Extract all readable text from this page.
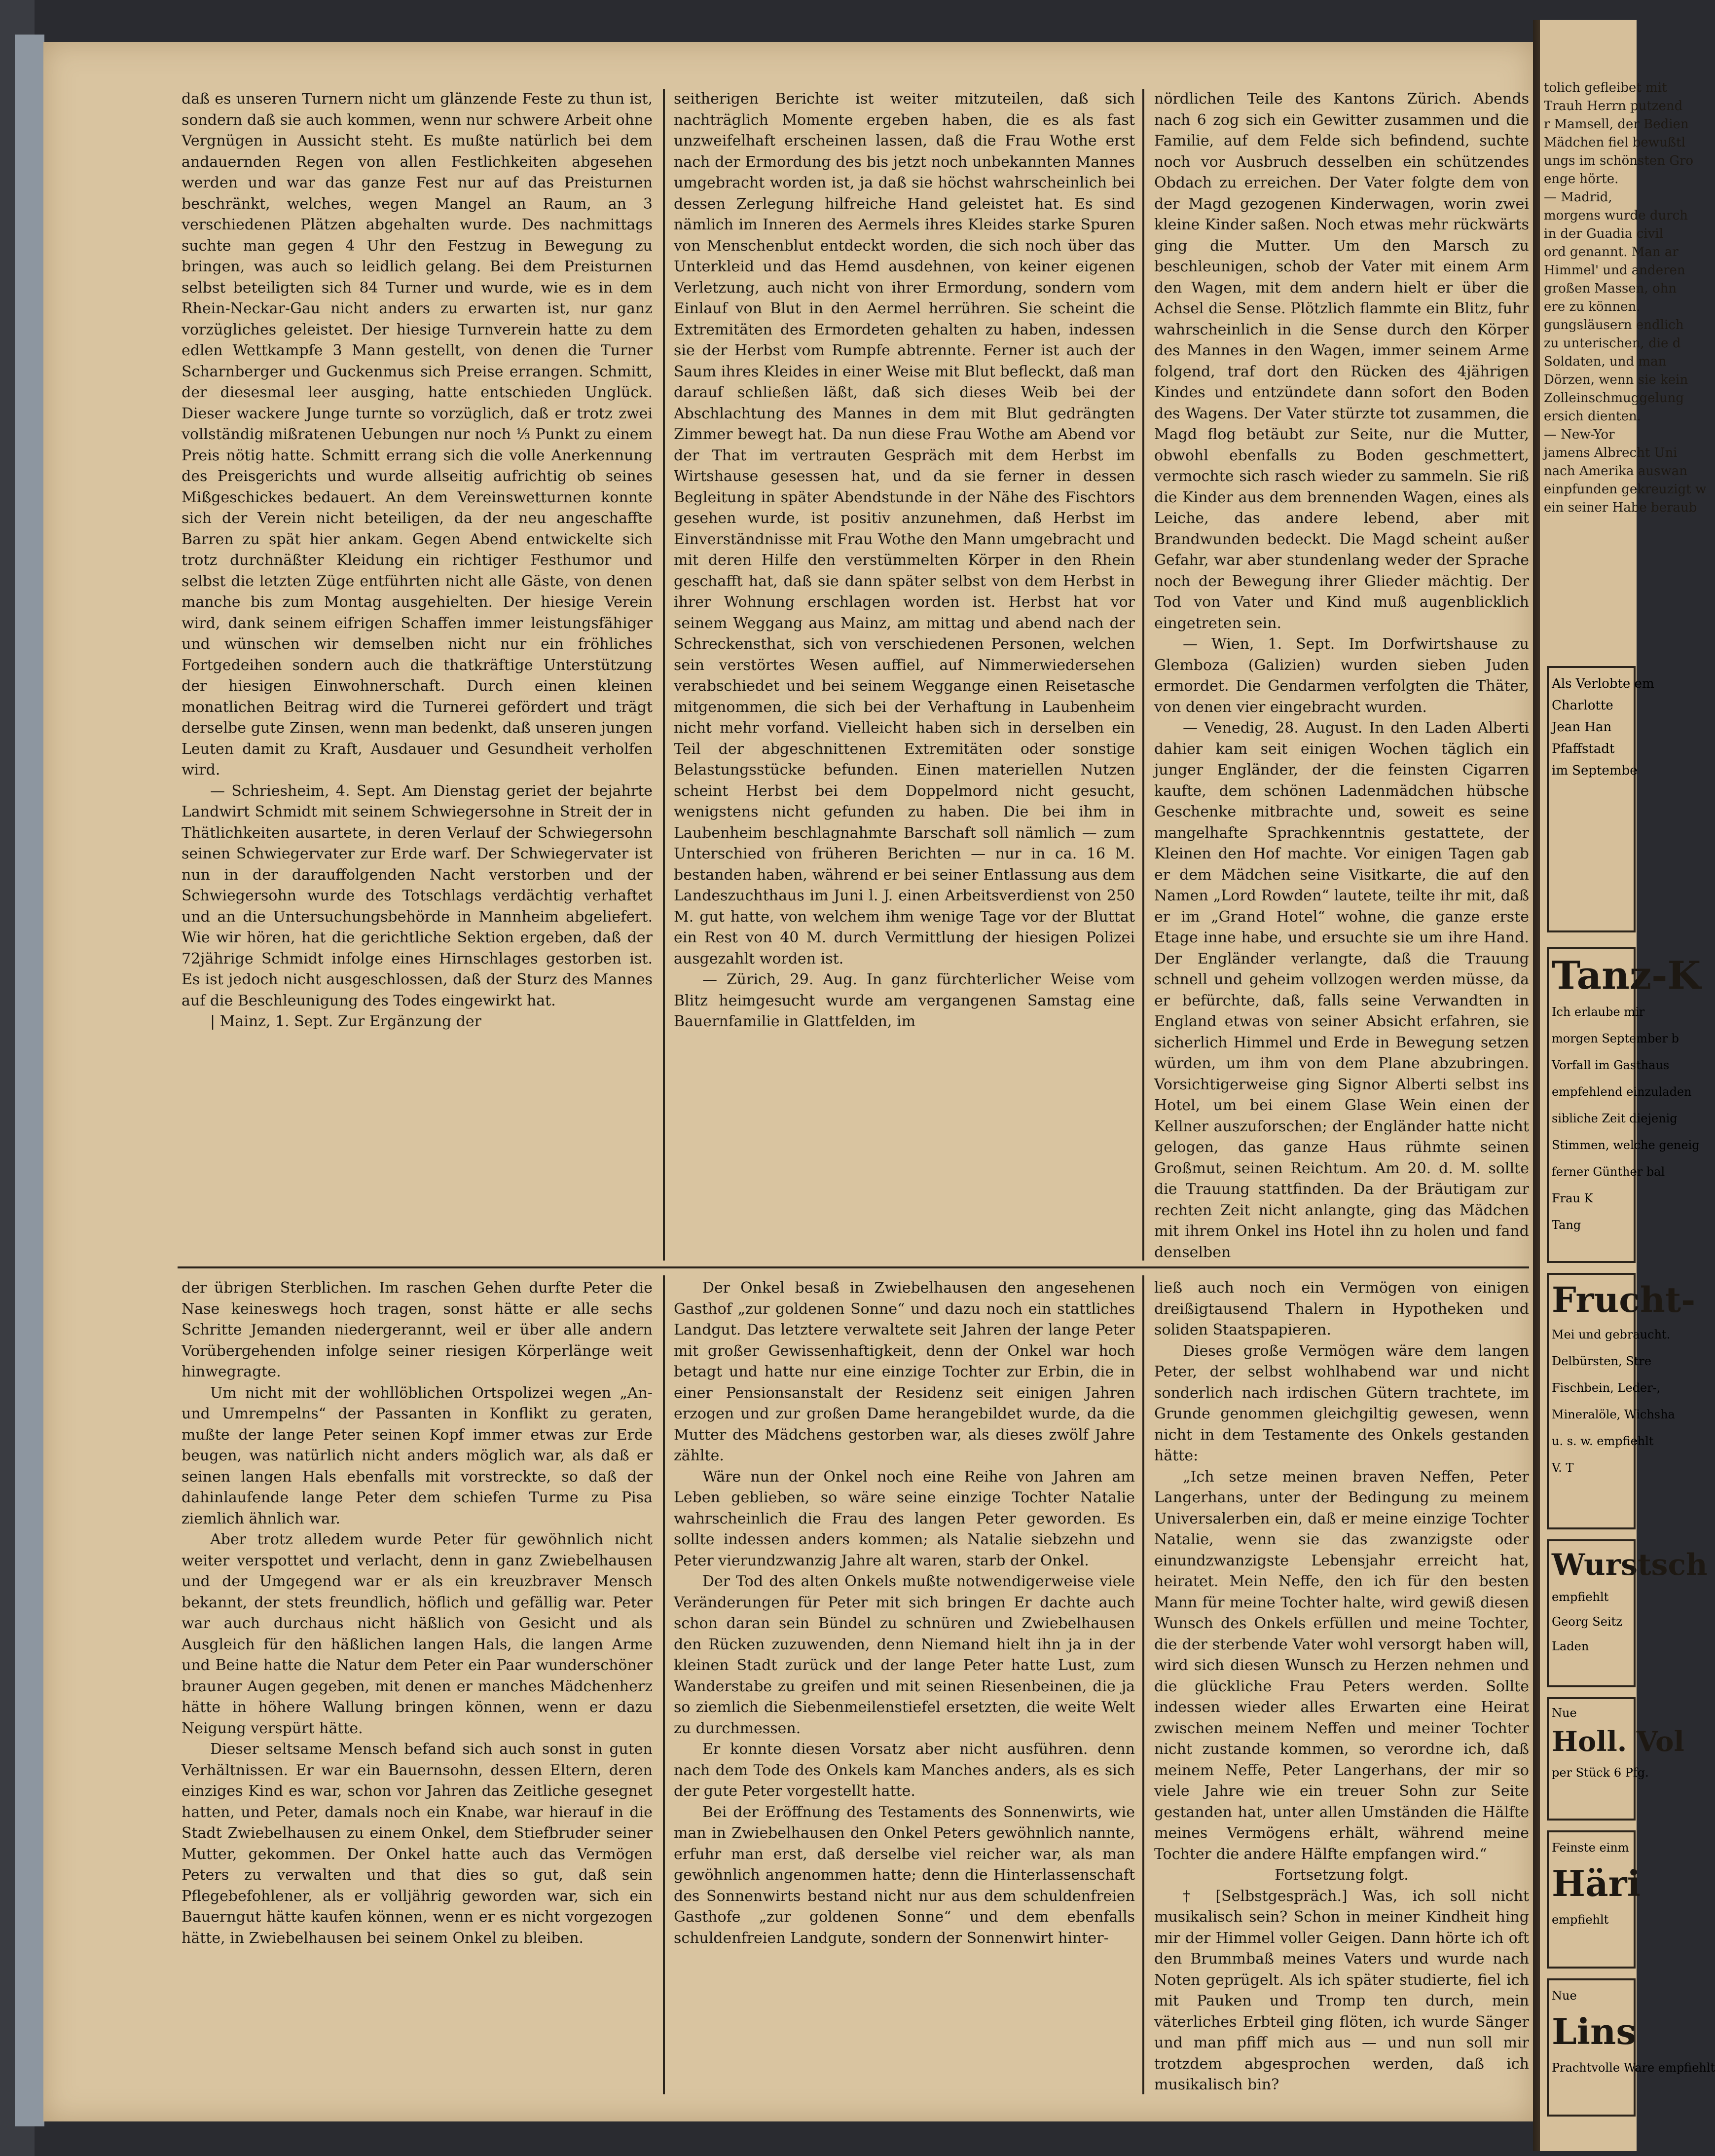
daß es unseren Turnern nicht um glänzende Feste zu thun ist, sondern daß sie auch kommen, wenn nur schwere Arbeit ohne Vergnügen in Aussicht steht. Es mußte natürlich bei dem andauernden Regen von allen Festlichkeiten abgesehen werden und war das ganze Fest nur auf das Preisturnen beschränkt, welches, wegen Mangel an Raum, an 3 verschiedenen Plätzen abgehalten wurde. Des nachmittags suchte man gegen 4 Uhr den Festzug in Bewegung zu bringen, was auch so leidlich gelang. Bei dem Preisturnen selbst beteiligten sich 84 Turner und wurde, wie es in dem Rhein-Neckar-Gau nicht anders zu erwarten ist, nur ganz vorzügliches geleistet. Der hiesige Turnverein hatte zu dem edlen Wettkampfe 3 Mann gestellt, von denen die Turner Scharnberger und Guckenmus sich Preise errangen. Schmitt, der diesesmal leer ausging, hatte entschieden Unglück. Dieser wackere Junge turnte so vorzüglich, daß er trotz zwei vollständig mißratenen Uebungen nur noch ⅓ Punkt zu einem Preis nötig hatte. Schmitt errang sich die volle Anerkennung des Preisgerichts und wurde allseitig aufrichtig ob seines Mißgeschickes bedauert. An dem Vereinswetturnen konnte sich der Verein nicht beteiligen, da der neu angeschaffte Barren zu spät hier ankam. Gegen Abend entwickelte sich trotz durchnäßter Kleidung ein richtiger Festhumor und selbst die letzten Züge entführten nicht alle Gäste, von denen manche bis zum Montag ausgehielten. Der hiesige Verein wird, dank seinem eifrigen Schaffen immer leistungsfähiger und wünschen wir demselben nicht nur ein fröhliches Fortgedeihen sondern auch die thatkräftige Unterstützung der hiesigen Einwohnerschaft. Durch einen kleinen monatlichen Beitrag wird die Turnerei gefördert und trägt derselbe gute Zinsen, wenn man bedenkt, daß unseren jungen Leuten damit zu Kraft, Ausdauer und Gesundheit verholfen wird.

— Schriesheim, 4. Sept. Am Dienstag geriet der bejahrte Landwirt Schmidt mit seinem Schwiegersohne in Streit der in Thätlichkeiten ausartete, in deren Verlauf der Schwiegersohn seinen Schwiegervater zur Erde warf. Der Schwiegervater ist nun in der darauffolgenden Nacht verstorben und der Schwiegersohn wurde des Totschlags verdächtig verhaftet und an die Untersuchungsbehörde in Mannheim abgeliefert. Wie wir hören, hat die gerichtliche Sektion ergeben, daß der 72jährige Schmidt infolge eines Hirnschlages gestorben ist. Es ist jedoch nicht ausgeschlossen, daß der Sturz des Mannes auf die Beschleunigung des Todes eingewirkt hat.

| Mainz, 1. Sept. Zur Ergänzung der

seitherigen Berichte ist weiter mitzuteilen, daß sich nachträglich Momente ergeben haben, die es als fast unzweifelhaft erscheinen lassen, daß die Frau Wothe erst nach der Ermordung des bis jetzt noch unbekannten Mannes umgebracht worden ist, ja daß sie höchst wahrscheinlich bei dessen Zerlegung hilfreiche Hand geleistet hat. Es sind nämlich im Inneren des Aermels ihres Kleides starke Spuren von Menschenblut entdeckt worden, die sich noch über das Unterkleid und das Hemd ausdehnen, von keiner eigenen Verletzung, auch nicht von ihrer Ermordung, sondern vom Einlauf von Blut in den Aermel herrühren. Sie scheint die Extremitäten des Ermordeten gehalten zu haben, indessen sie der Herbst vom Rumpfe abtrennte. Ferner ist auch der Saum ihres Kleides in einer Weise mit Blut befleckt, daß man darauf schließen läßt, daß sich dieses Weib bei der Abschlachtung des Mannes in dem mit Blut gedrängten Zimmer bewegt hat. Da nun diese Frau Wothe am Abend vor der That im vertrauten Gespräch mit dem Herbst im Wirtshause gesessen hat, und da sie ferner in dessen Begleitung in später Abendstunde in der Nähe des Fischtors gesehen wurde, ist positiv anzunehmen, daß Herbst im Einverständnisse mit Frau Wothe den Mann umgebracht und mit deren Hilfe den verstümmelten Körper in den Rhein geschafft hat, daß sie dann später selbst von dem Herbst in ihrer Wohnung erschlagen worden ist. Herbst hat vor seinem Weggang aus Mainz, am mittag und abend nach der Schreckensthat, sich von verschiedenen Personen, welchen sein verstörtes Wesen auffiel, auf Nimmerwiedersehen verabschiedet und bei seinem Weggange einen Reisetasche mitgenommen, die sich bei der Verhaftung in Laubenheim nicht mehr vorfand. Vielleicht haben sich in derselben ein Teil der abgeschnittenen Extremitäten oder sonstige Belastungsstücke befunden. Einen materiellen Nutzen scheint Herbst bei dem Doppelmord nicht gesucht, wenigstens nicht gefunden zu haben. Die bei ihm in Laubenheim beschlagnahmte Barschaft soll nämlich — zum Unterschied von früheren Berichten — nur in ca. 16 M. bestanden haben, während er bei seiner Entlassung aus dem Landeszuchthaus im Juni l. J. einen Arbeitsverdienst von 250 M. gut hatte, von welchem ihm wenige Tage vor der Bluttat ein Rest von 40 M. durch Vermittlung der hiesigen Polizei ausgezahlt worden ist.

— Zürich, 29. Aug. In ganz fürchterlicher Weise vom Blitz heimgesucht wurde am vergangenen Samstag eine Bauernfamilie in Glattfelden, im

nördlichen Teile des Kantons Zürich. Abends nach 6 zog sich ein Gewitter zusammen und die Familie, auf dem Felde sich befindend, suchte noch vor Ausbruch desselben ein schützendes Obdach zu erreichen. Der Vater folgte dem von der Magd gezogenen Kinderwagen, worin zwei kleine Kinder saßen. Noch etwas mehr rückwärts ging die Mutter. Um den Marsch zu beschleunigen, schob der Vater mit einem Arm den Wagen, mit dem andern hielt er über die Achsel die Sense. Plötzlich flammte ein Blitz, fuhr wahrscheinlich in die Sense durch den Körper des Mannes in den Wagen, immer seinem Arme folgend, traf dort den Rücken des 4jährigen Kindes und entzündete dann sofort den Boden des Wagens. Der Vater stürzte tot zusammen, die Magd flog betäubt zur Seite, nur die Mutter, obwohl ebenfalls zu Boden geschmettert, vermochte sich rasch wieder zu sammeln. Sie riß die Kinder aus dem brennenden Wagen, eines als Leiche, das andere lebend, aber mit Brandwunden bedeckt. Die Magd scheint außer Gefahr, war aber stundenlang weder der Sprache noch der Bewegung ihrer Glieder mächtig. Der Tod von Vater und Kind muß augenblicklich eingetreten sein.

— Wien, 1. Sept. Im Dorfwirtshause zu Glemboza (Galizien) wurden sieben Juden ermordet. Die Gendarmen verfolgten die Thäter, von denen vier eingebracht wurden.

— Venedig, 28. August. In den Laden Alberti dahier kam seit einigen Wochen täglich ein junger Engländer, der die feinsten Cigarren kaufte, dem schönen Ladenmädchen hübsche Geschenke mitbrachte und, soweit es seine mangelhafte Sprachkenntnis gestattete, der Kleinen den Hof machte. Vor einigen Tagen gab er dem Mädchen seine Visitkarte, die auf den Namen „Lord Rowden“ lautete, teilte ihr mit, daß er im „Grand Hotel“ wohne, die ganze erste Etage inne habe, und ersuchte sie um ihre Hand. Der Engländer verlangte, daß die Trauung schnell und geheim vollzogen werden müsse, da er befürchte, daß, falls seine Verwandten in England etwas von seiner Absicht erfahren, sie sicherlich Himmel und Erde in Bewegung setzen würden, um ihm von dem Plane abzubringen. Vorsichtigerweise ging Signor Alberti selbst ins Hotel, um bei einem Glase Wein einen der Kellner auszuforschen; der Engländer hatte nicht gelogen, das ganze Haus rühmte seinen Großmut, seinen Reichtum. Am 20. d. M. sollte die Trauung stattfinden. Da der Bräutigam zur rechten Zeit nicht anlangte, ging das Mädchen mit ihrem Onkel ins Hotel ihn zu holen und fand denselben

der übrigen Sterblichen. Im raschen Gehen durfte Peter die Nase keineswegs hoch tragen, sonst hätte er alle sechs Schritte Jemanden niedergerannt, weil er über alle andern Vorübergehenden infolge seiner riesigen Körperlänge weit hinwegragte.

Um nicht mit der wohllöblichen Ortspolizei wegen „An- und Umrempelns“ der Passanten in Konflikt zu geraten, mußte der lange Peter seinen Kopf immer etwas zur Erde beugen, was natürlich nicht anders möglich war, als daß er seinen langen Hals ebenfalls mit vorstreckte, so daß der dahinlaufende lange Peter dem schiefen Turme zu Pisa ziemlich ähnlich war.

Aber trotz alledem wurde Peter für gewöhnlich nicht weiter verspottet und verlacht, denn in ganz Zwiebelhausen und der Umgegend war er als ein kreuzbraver Mensch bekannt, der stets freundlich, höflich und gefällig war. Peter war auch durchaus nicht häßlich von Gesicht und als Ausgleich für den häßlichen langen Hals, die langen Arme und Beine hatte die Natur dem Peter ein Paar wunderschöner brauner Augen gegeben, mit denen er manches Mädchenherz hätte in höhere Wallung bringen können, wenn er dazu Neigung verspürt hätte.

Dieser seltsame Mensch befand sich auch sonst in guten Verhältnissen. Er war ein Bauernsohn, dessen Eltern, deren einziges Kind es war, schon vor Jahren das Zeitliche gesegnet hatten, und Peter, damals noch ein Knabe, war hierauf in die Stadt Zwiebelhausen zu einem Onkel, dem Stiefbruder seiner Mutter, gekommen. Der Onkel hatte auch das Vermögen Peters zu verwalten und that dies so gut, daß sein Pflegebefohlener, als er volljährig geworden war, sich ein Bauerngut hätte kaufen können, wenn er es nicht vorgezogen hätte, in Zwiebelhausen bei seinem Onkel zu bleiben.

Der Onkel besaß in Zwiebelhausen den angesehenen Gasthof „zur goldenen Sonne“ und dazu noch ein stattliches Landgut. Das letztere verwaltete seit Jahren der lange Peter mit großer Gewissenhaftigkeit, denn der Onkel war hoch betagt und hatte nur eine einzige Tochter zur Erbin, die in einer Pensionsanstalt der Residenz seit einigen Jahren erzogen und zur großen Dame herangebildet wurde, da die Mutter des Mädchens gestorben war, als dieses zwölf Jahre zählte.

Wäre nun der Onkel noch eine Reihe von Jahren am Leben geblieben, so wäre seine einzige Tochter Natalie wahrscheinlich die Frau des langen Peter geworden. Es sollte indessen anders kommen; als Natalie siebzehn und Peter vierundzwanzig Jahre alt waren, starb der Onkel.

Der Tod des alten Onkels mußte notwendigerweise viele Veränderungen für Peter mit sich bringen Er dachte auch schon daran sein Bündel zu schnüren und Zwiebelhausen den Rücken zuzuwenden, denn Niemand hielt ihn ja in der kleinen Stadt zurück und der lange Peter hatte Lust, zum Wanderstabe zu greifen und mit seinen Riesenbeinen, die ja so ziemlich die Siebenmeilenstiefel ersetzten, die weite Welt zu durchmessen.

Er konnte diesen Vorsatz aber nicht ausführen. denn nach dem Tode des Onkels kam Manches anders, als es sich der gute Peter vorgestellt hatte.

Bei der Eröffnung des Testaments des Sonnenwirts, wie man in Zwiebelhausen den Onkel Peters gewöhnlich nannte, erfuhr man erst, daß derselbe viel reicher war, als man gewöhnlich angenommen hatte; denn die Hinterlassenschaft des Sonnenwirts bestand nicht nur aus dem schuldenfreien Gasthofe „zur goldenen Sonne“ und dem ebenfalls schuldenfreien Landgute, sondern der Sonnenwirt hinter-

ließ auch noch ein Vermögen von einigen dreißigtausend Thalern in Hypotheken und soliden Staatspapieren.

Dieses große Vermögen wäre dem langen Peter, der selbst wohlhabend war und nicht sonderlich nach irdischen Gütern trachtete, im Grunde genommen gleichgiltig gewesen, wenn nicht in dem Testamente des Onkels gestanden hätte:

„Ich setze meinen braven Neffen, Peter Langerhans, unter der Bedingung zu meinem Universalerben ein, daß er meine einzige Tochter Natalie, wenn sie das zwanzigste oder einundzwanzigste Lebensjahr erreicht hat, heiratet. Mein Neffe, den ich für den besten Mann für meine Tochter halte, wird gewiß diesen Wunsch des Onkels erfüllen und meine Tochter, die der sterbende Vater wohl versorgt haben will, wird sich diesen Wunsch zu Herzen nehmen und die glückliche Frau Peters werden. Sollte indessen wieder alles Erwarten eine Heirat zwischen meinem Neffen und meiner Tochter nicht zustande kommen, so verordne ich, daß meinem Neffe, Peter Langerhans, der mir so viele Jahre wie ein treuer Sohn zur Seite gestanden hat, unter allen Umständen die Hälfte meines Vermögens erhält, während meine Tochter die andere Hälfte empfangen wird.“

Fortsetzung folgt.

† [Selbstgespräch.] Was, ich soll nicht musikalisch sein? Schon in meiner Kindheit hing mir der Himmel voller Geigen. Dann hörte ich oft den Brummbaß meines Vaters und wurde nach Noten geprügelt. Als ich später studierte, fiel ich mit Pauken und Tromp ten durch, mein väterliches Erbteil ging flöten, ich wurde Sänger und man pfiff mich aus — und nun soll mir trotzdem abgesprochen werden, daß ich musikalisch bin?

tolich gefleibet mit
Trauh Herrn putzend
r Mamsell, der Bedien
Mädchen fiel bewußtl
ungs im schönsten Gro
enge hörte.
— Madrid,
morgens wurde durch
in der Guadia civil
ord genannt. Man ar
Himmel' und anderen
großen Massen, ohn
ere zu können.
gungsläusern endlich
zu unterischen, die d
Soldaten, und man
Dörzen, wenn sie kein
Zolleinschmuggelung
ersich dienten.
— New-Yor
jamens Albrecht Uni
nach Amerika auswan
einpfunden gekreuzigt w
ein seiner Habe beraub
Als Verlobte em
Charlotte
Jean Han
Pfaffstadt
im Septembe
Tanz-K
Ich erlaube mir
morgen September b
Vorfall im Gasthaus
empfehlend einzuladen
sibliche Zeit diejenig
Stimmen, welche geneig
ferner Günther bal
Frau K
Tang
Frucht-
Mei und gebraucht.
Delbürsten, Stre
Fischbein, Leder-,
Mineralöle, Wichsha
u. s. w. empfiehlt
V. T
Wurstsch
empfiehlt
Georg Seitz
Laden
Nue
Holl. Vol
per Stück 6 Pfg.
Feinste einm
Häri
empfiehlt
Nue
Lins
Prachtvolle Ware empfiehlt
